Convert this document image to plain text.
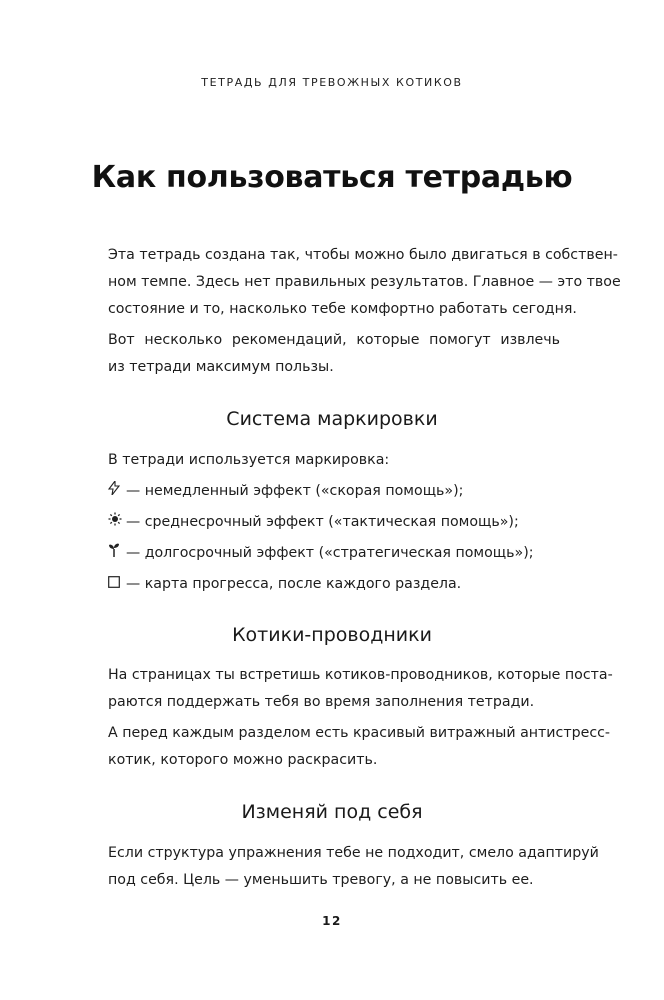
ТЕТРАДЬ ДЛЯ ТРЕВОЖНЫХ КОТИКОВ
Как пользоваться тетрадью
Эта тетрадь создана так, чтобы можно было двигаться в собствен-
ном темпе. Здесь нет правильных результатов. Главное — это твое
состояние и то, насколько тебе комфортно работать сегодня.
Вот несколько рекомендаций, которые помогут извлечь
из тетради максимум пользы.
Система маркировки
В тетради используется маркировка:
— немедленный эффект («скорая помощь»);
— среднесрочный эффект («тактическая помощь»);
— долгосрочный эффект («стратегическая помощь»);
— карта прогресса, после каждого раздела.
Котики-проводники
На страницах ты встретишь котиков-проводников, которые поста-
раются поддержать тебя во время заполнения тетради.
А перед каждым разделом есть красивый витражный антистресс-
котик, которого можно раскрасить.
Изменяй под себя
Если структура упражнения тебе не подходит, смело адаптируй
под себя. Цель — уменьшить тревогу, а не повысить ее.
12
